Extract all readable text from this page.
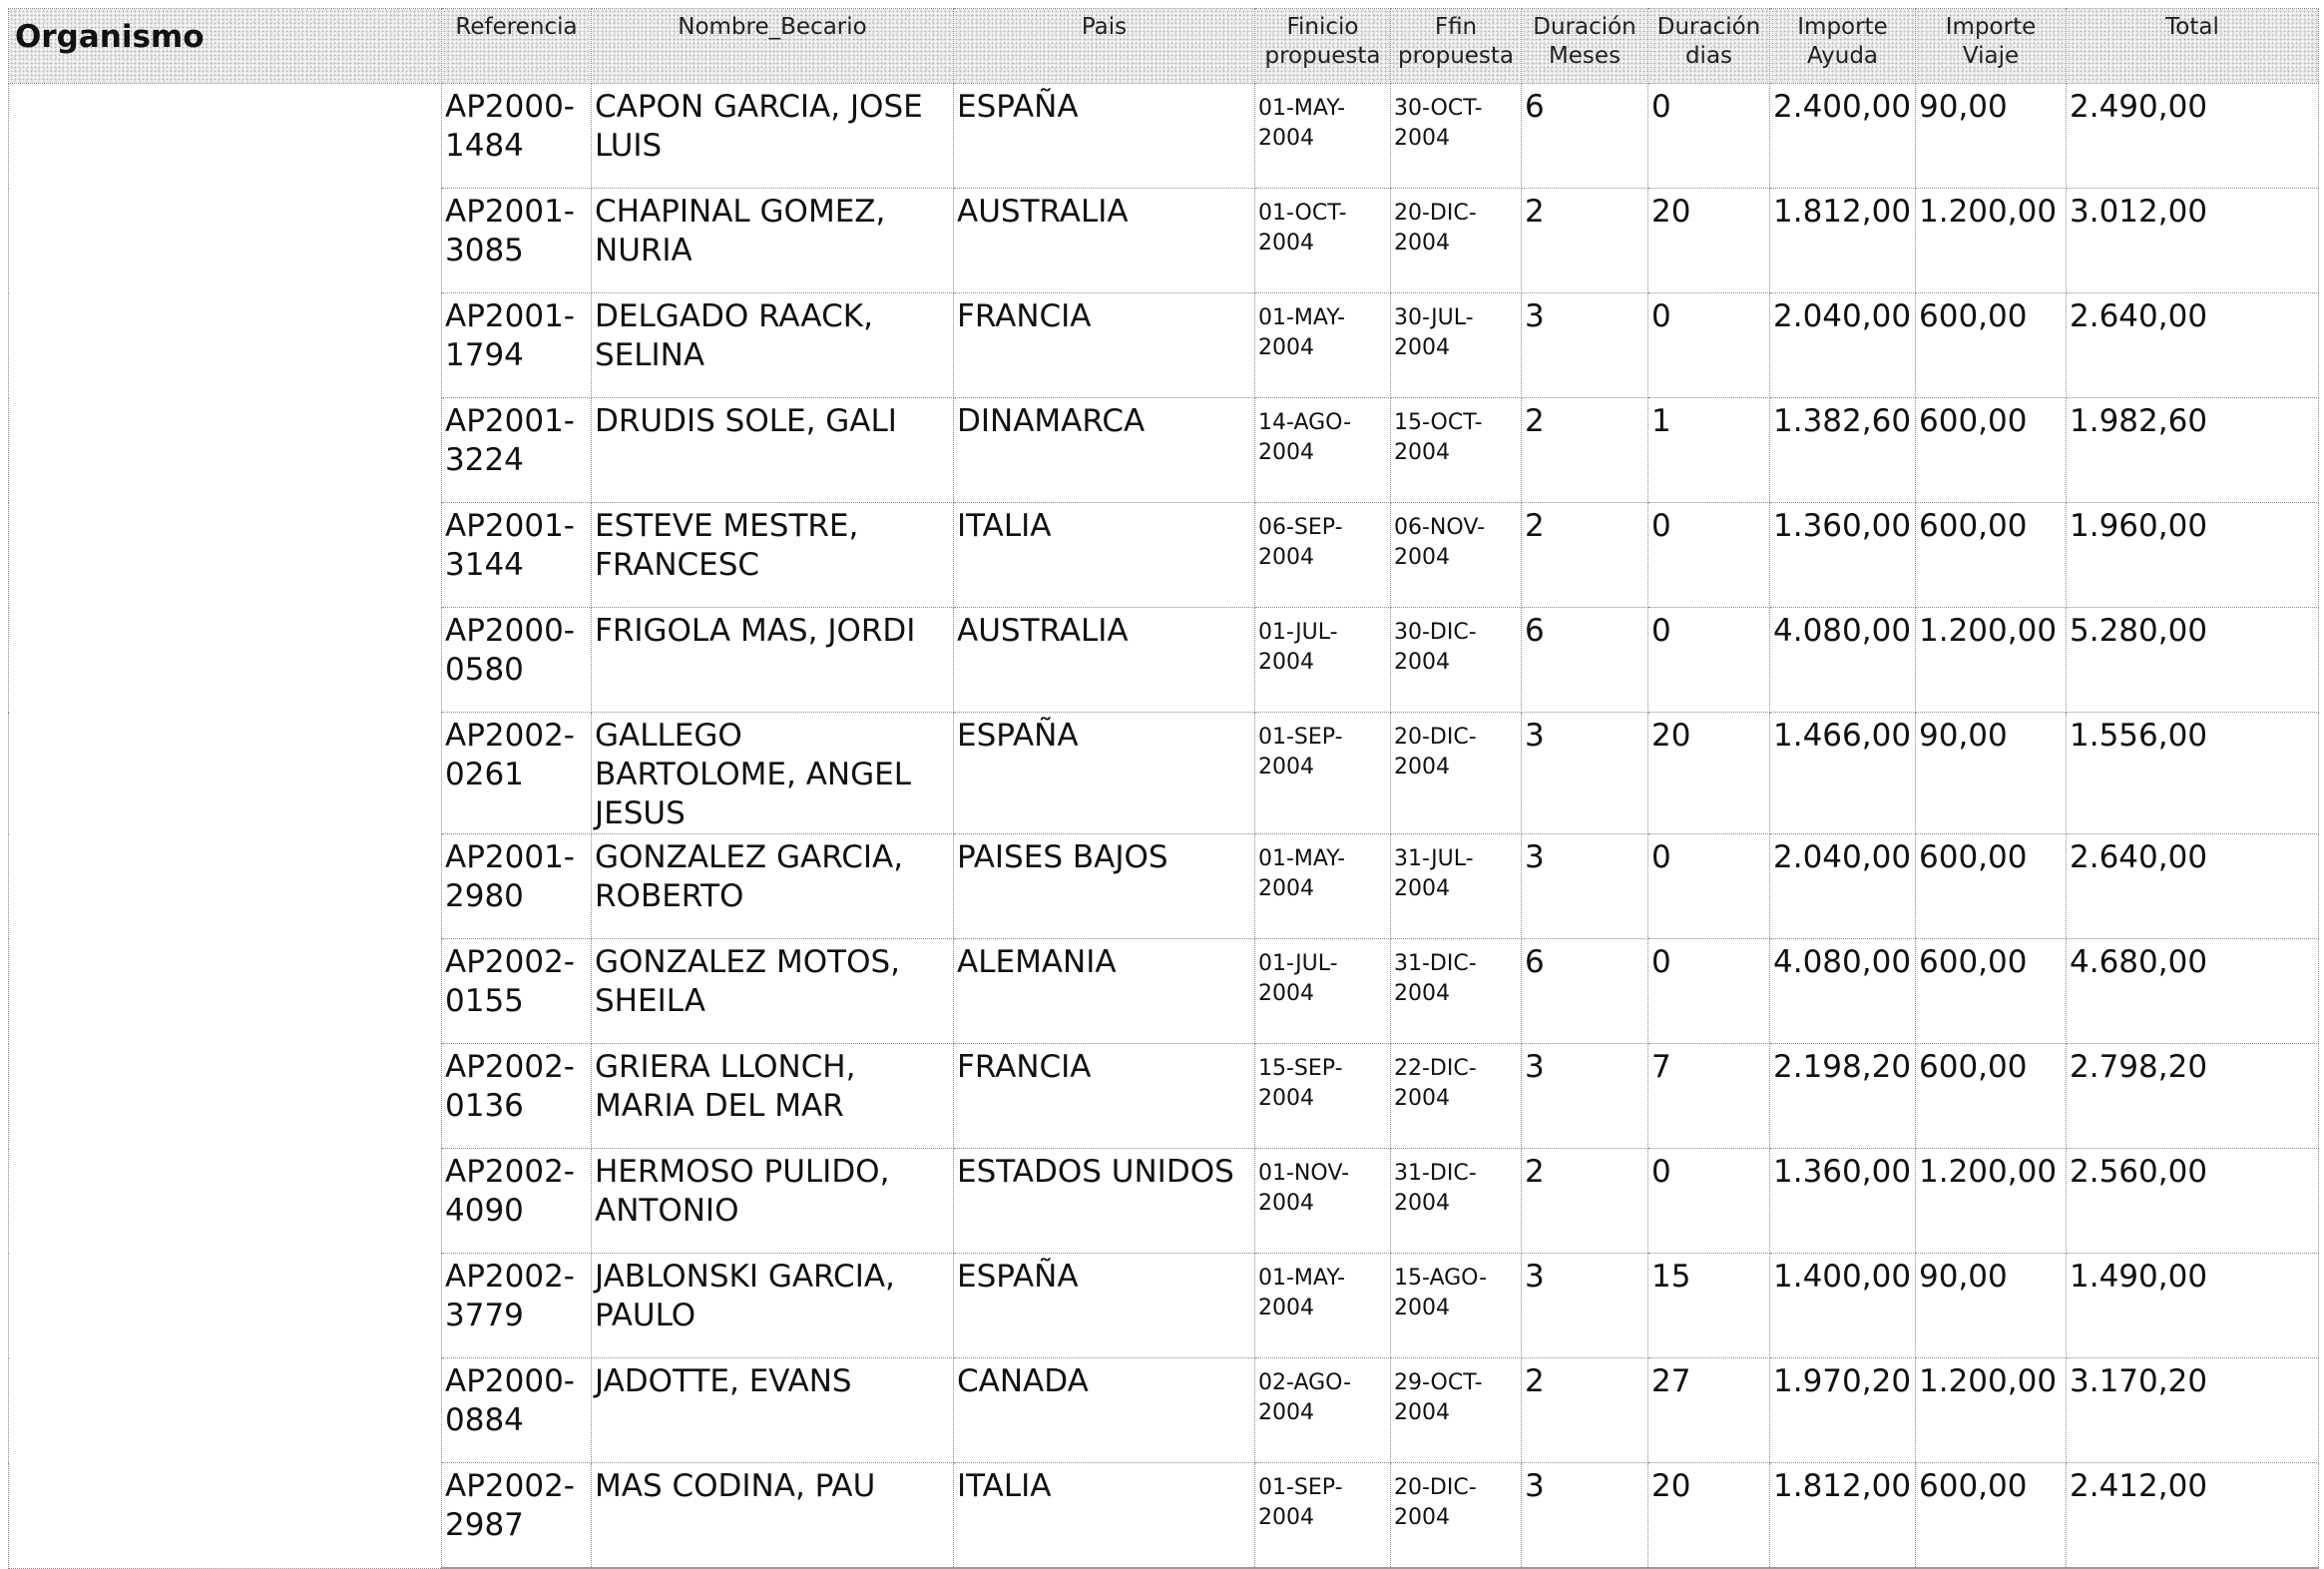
Organismo	Referencia	Nombre_Becario	Pais	Finicio propuesta	Ffin propuesta	Duración Meses	Duración dias	Importe Ayuda	Importe Viaje	Total

	AP2000-1484	CAPON GARCIA, JOSE LUIS	ESPAÑA	01-MAY-2004	30-OCT-2004	6	0	2.400,00	90,00	2.490,00

	AP2001-3085	CHAPINAL GOMEZ, NURIA	AUSTRALIA	01-OCT-2004	20-DIC-2004	2	20	1.812,00	1.200,00	3.012,00

	AP2001-1794	DELGADO RAACK, SELINA	FRANCIA	01-MAY-2004	30-JUL-2004	3	0	2.040,00	600,00	2.640,00

	AP2001-3224	DRUDIS SOLE, GALI	DINAMARCA	14-AGO-2004	15-OCT-2004	2	1	1.382,60	600,00	1.982,60

	AP2001-3144	ESTEVE MESTRE, FRANCESC	ITALIA	06-SEP-2004	06-NOV-2004	2	0	1.360,00	600,00	1.960,00

	AP2000-0580	FRIGOLA MAS, JORDI	AUSTRALIA	01-JUL-2004	30-DIC-2004	6	0	4.080,00	1.200,00	5.280,00

	AP2002-0261	GALLEGO BARTOLOME, ANGEL JESUS	ESPAÑA	01-SEP-2004	20-DIC-2004	3	20	1.466,00	90,00	1.556,00

	AP2001-2980	GONZALEZ GARCIA, ROBERTO	PAISES BAJOS	01-MAY-2004	31-JUL-2004	3	0	2.040,00	600,00	2.640,00

	AP2002-0155	GONZALEZ MOTOS, SHEILA	ALEMANIA	01-JUL-2004	31-DIC-2004	6	0	4.080,00	600,00	4.680,00

	AP2002-0136	GRIERA LLONCH, MARIA DEL MAR	FRANCIA	15-SEP-2004	22-DIC-2004	3	7	2.198,20	600,00	2.798,20

	AP2002-4090	HERMOSO PULIDO, ANTONIO	ESTADOS UNIDOS	01-NOV-2004	31-DIC-2004	2	0	1.360,00	1.200,00	2.560,00

	AP2002-3779	JABLONSKI GARCIA, PAULO	ESPAÑA	01-MAY-2004	15-AGO-2004	3	15	1.400,00	90,00	1.490,00

	AP2000-0884	JADOTTE, EVANS	CANADA	02-AGO-2004	29-OCT-2004	2	27	1.970,20	1.200,00	3.170,20

	AP2002-2987	MAS CODINA, PAU	ITALIA	01-SEP-2004	20-DIC-2004	3	20	1.812,00	600,00	2.412,00
